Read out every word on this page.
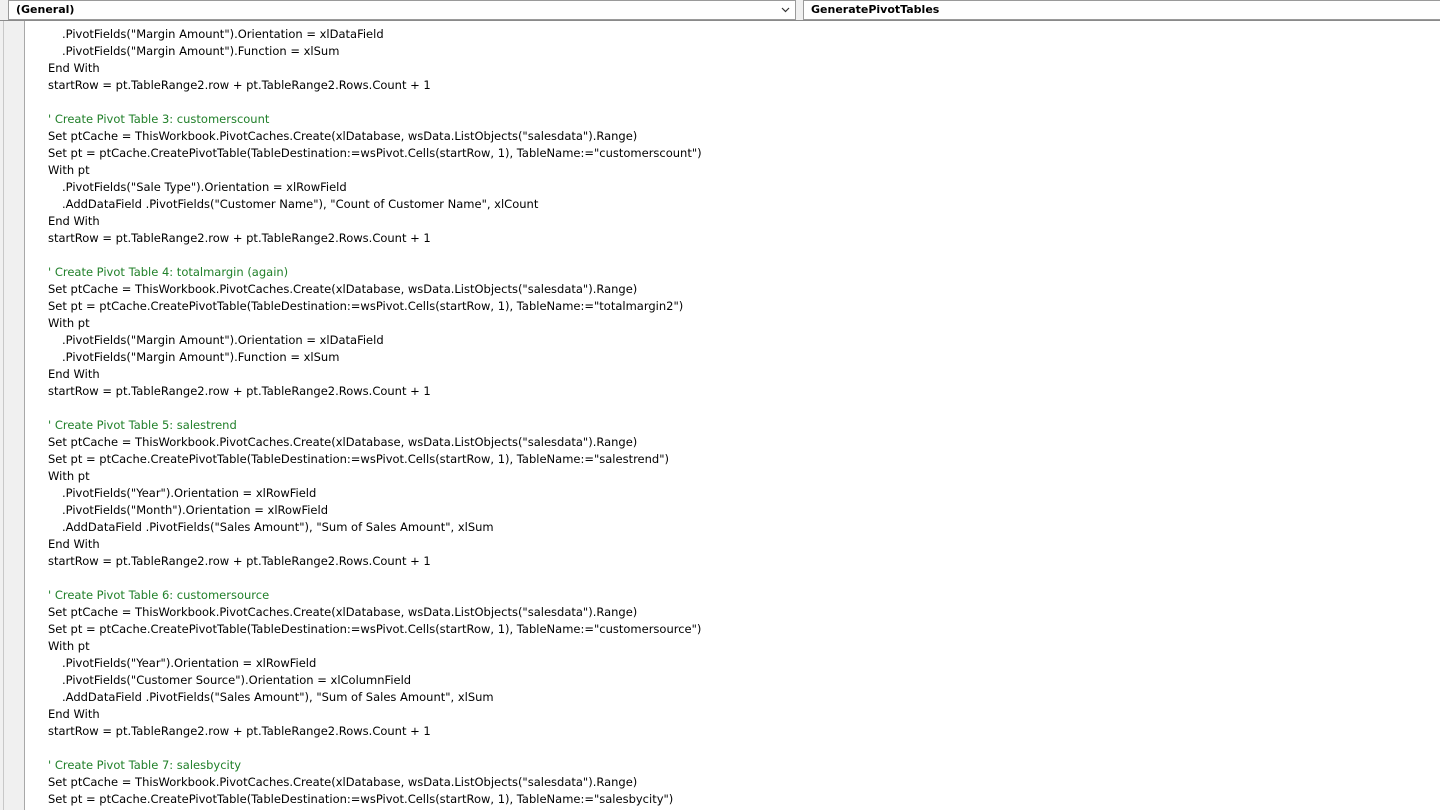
(General)	GeneratePivotTables
.PivotFields("Margin Amount").Orientation = xlDataField
.PivotFields("Margin Amount").Function = xlSum
End With
startRow = pt.TableRange2.row + pt.TableRange2.Rows.Count + 1
' Create Pivot Table 3: customerscount
Set ptCache = ThisWorkbook.PivotCaches.Create(xlDatabase, wsData.ListObjects("salesdata").Range)
Set pt = ptCache.CreatePivotTable(TableDestination:=wsPivot.Cells(startRow, 1), TableName:="customerscount")
With pt
.PivotFields("Sale Type").Orientation = xlRowField
.AddDataField .PivotFields("Customer Name"), "Count of Customer Name", xlCount
End With
startRow = pt.TableRange2.row + pt.TableRange2.Rows.Count + 1
' Create Pivot Table 4: totalmargin (again)
Set ptCache = ThisWorkbook.PivotCaches.Create(xlDatabase, wsData.ListObjects("salesdata").Range)
Set pt = ptCache.CreatePivotTable(TableDestination:=wsPivot.Cells(startRow, 1), TableName:="totalmargin2")
With pt
.PivotFields("Margin Amount").Orientation = xlDataField
.PivotFields("Margin Amount").Function = xlSum
End With
startRow = pt.TableRange2.row + pt.TableRange2.Rows.Count + 1
' Create Pivot Table 5: salestrend
Set ptCache = ThisWorkbook.PivotCaches.Create(xlDatabase, wsData.ListObjects("salesdata").Range)
Set pt = ptCache.CreatePivotTable(TableDestination:=wsPivot.Cells(startRow, 1), TableName:="salestrend")
With pt
.PivotFields("Year").Orientation = xlRowField
.PivotFields("Month").Orientation = xlRowField
.AddDataField .PivotFields("Sales Amount"), "Sum of Sales Amount", xlSum
End With
startRow = pt.TableRange2.row + pt.TableRange2.Rows.Count + 1
' Create Pivot Table 6: customersource
Set ptCache = ThisWorkbook.PivotCaches.Create(xlDatabase, wsData.ListObjects("salesdata").Range)
Set pt = ptCache.CreatePivotTable(TableDestination:=wsPivot.Cells(startRow, 1), TableName:="customersource")
With pt
.PivotFields("Year").Orientation = xlRowField
.PivotFields("Customer Source").Orientation = xlColumnField
.AddDataField .PivotFields("Sales Amount"), "Sum of Sales Amount", xlSum
End With
startRow = pt.TableRange2.row + pt.TableRange2.Rows.Count + 1
' Create Pivot Table 7: salesbycity
Set ptCache = ThisWorkbook.PivotCaches.Create(xlDatabase, wsData.ListObjects("salesdata").Range)
Set pt = ptCache.CreatePivotTable(TableDestination:=wsPivot.Cells(startRow, 1), TableName:="salesbycity")
